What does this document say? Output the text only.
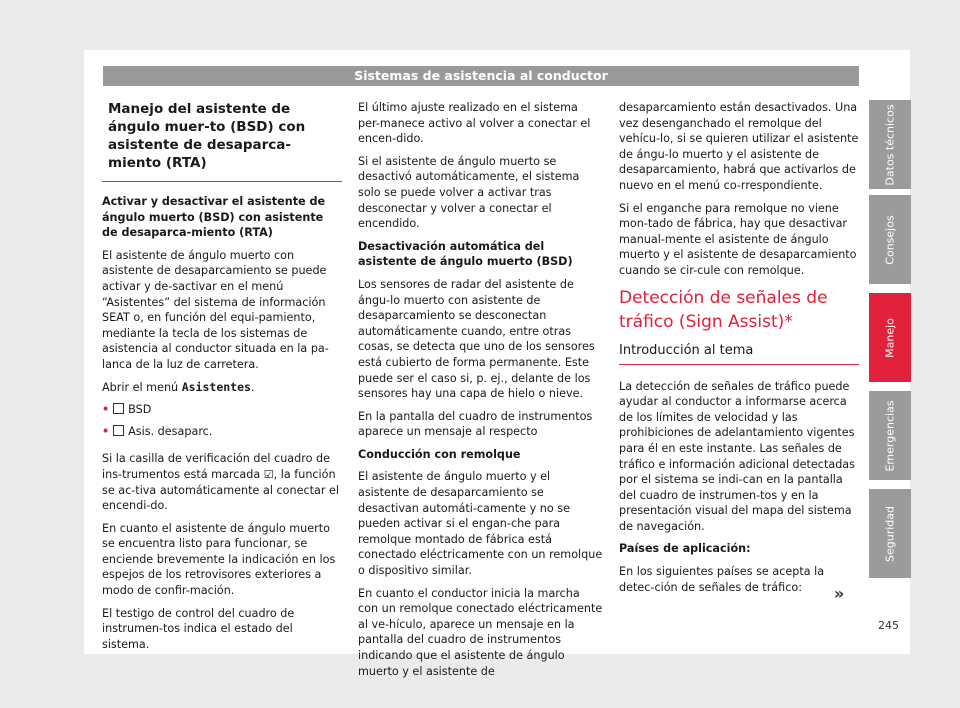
Sistemas de asistencia al conductor

Manejo del asistente de ángulo muer-to (BSD) con asistente de desaparca-miento (RTA)

Activar y desactivar el asistente de ángulo muerto (BSD) con asistente de desaparca-miento (RTA)

El asistente de ángulo muerto con asistente de desaparcamiento se puede activar y de-sactivar en el menú “Asistentes” del sistema de información SEAT o, en función del equi-pamiento, mediante la tecla de los sistemas de asistencia al conductor situada en la pa-lanca de la luz de carretera.

Abrir el menú Asistentes.

• BSD

• Asis. desaparc.

Si la casilla de verificación del cuadro de ins-trumentos está marcada ☑, la función se ac-tiva automáticamente al conectar el encendi-do.

En cuanto el asistente de ángulo muerto se encuentra listo para funcionar, se enciende brevemente la indicación en los espejos de los retrovisores exteriores a modo de confir-mación.

El testigo de control del cuadro de instrumen-tos indica el estado del sistema.

El último ajuste realizado en el sistema per-manece activo al volver a conectar el encen-dido.

Si el asistente de ángulo muerto se desactivó automáticamente, el sistema solo se puede volver a activar tras desconectar y volver a conectar el encendido.

Desactivación automática del asistente de ángulo muerto (BSD)

Los sensores de radar del asistente de ángu-lo muerto con asistente de desaparcamiento se desconectan automáticamente cuando, entre otras cosas, se detecta que uno de los sensores está cubierto de forma permanente. Este puede ser el caso si, p. ej., delante de los sensores hay una capa de hielo o nieve.

En la pantalla del cuadro de instrumentos aparece un mensaje al respecto

Conducción con remolque

El asistente de ángulo muerto y el asistente de desaparcamiento se desactivan automáti-camente y no se pueden activar si el engan-che para remolque montado de fábrica está conectado eléctricamente con un remolque o dispositivo similar.

En cuanto el conductor inicia la marcha con un remolque conectado eléctricamente al ve-hículo, aparece un mensaje en la pantalla del cuadro de instrumentos indicando que el asistente de ángulo muerto y el asistente de

desaparcamiento están desactivados. Una vez desenganchado el remolque del vehícu-lo, si se quieren utilizar el asistente de ángu-lo muerto y el asistente de desaparcamiento, habrá que activarlos de nuevo en el menú co-rrespondiente.

Si el enganche para remolque no viene mon-tado de fábrica, hay que desactivar manual-mente el asistente de ángulo muerto y el asistente de desaparcamiento cuando se cir-cule con remolque.

Detección de señales de tráfico (Sign Assist)*

Introducción al tema

La detección de señales de tráfico puede ayudar al conductor a informarse acerca de los límites de velocidad y las prohibiciones de adelantamiento vigentes para él en este instante. Las señales de tráfico e información adicional detectadas por el sistema se indi-can en la pantalla del cuadro de instrumen-tos y en la presentación visual del mapa del sistema de navegación.

Países de aplicación:

En los siguientes países se acepta la detec-ción de señales de tráfico:	»
Datos técnicos
Consejos
Manejo
Emergencias
Seguridad
245
